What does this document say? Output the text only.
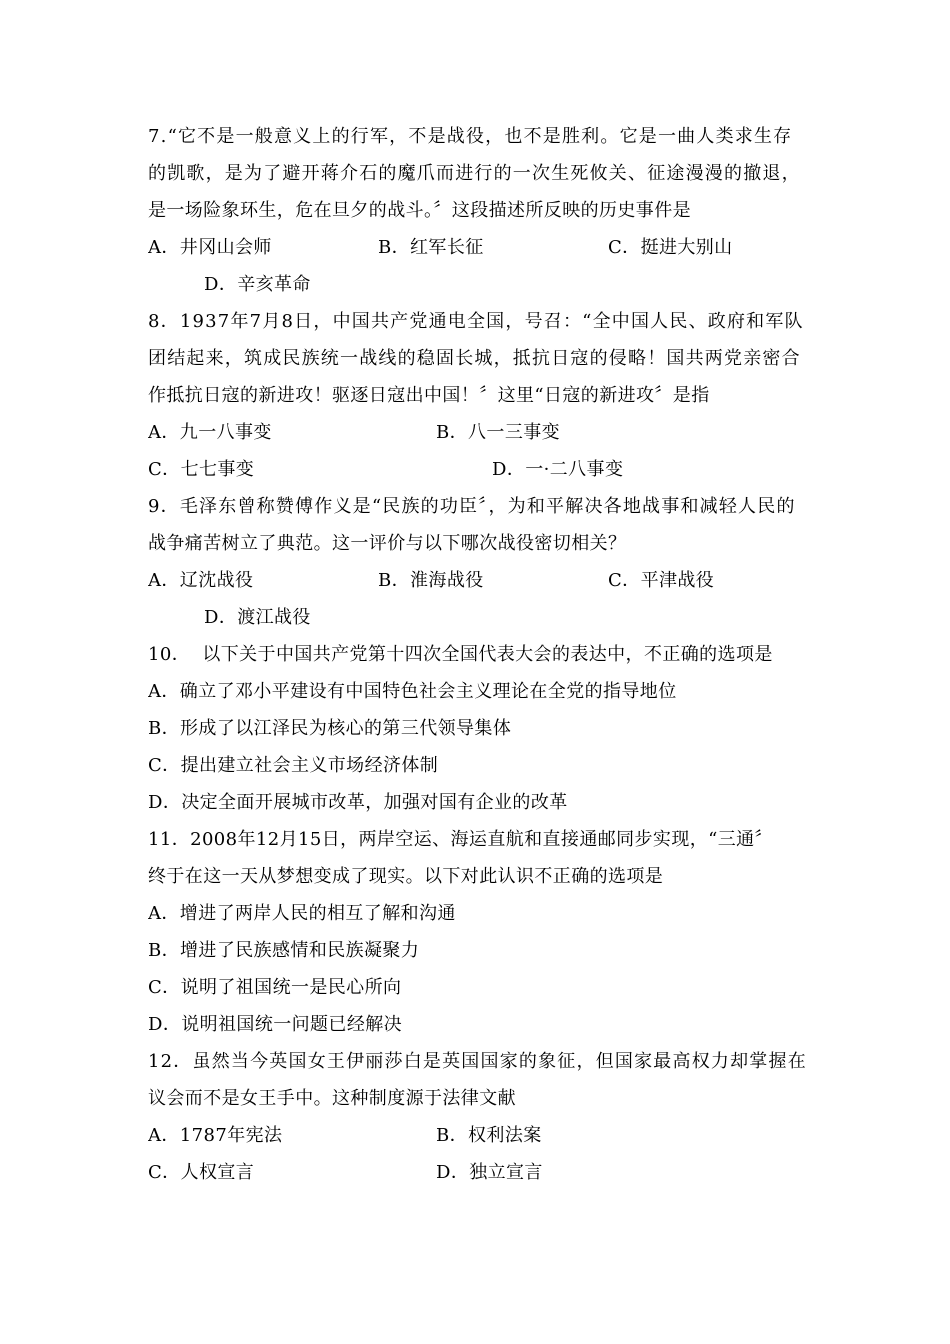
7.“它不是一般意义上的行军，不是战役，也不是胜利。它是一曲人类求生存
的凯歌，是为了避开蒋介石的魔爪而进行的一次生死攸关、征途漫漫的撤退，
是一场险象环生，危在旦夕的战斗。〞这段描述所反映的历史事件是
A．井冈山会师	B．红军长征	C．挺进大别山
D．辛亥革命
8．1937年7月8日，中国共产党通电全国，号召：“全中国人民、政府和军队
团结起来，筑成民族统一战线的稳固长城，抵抗日寇的侵略！国共两党亲密合
作抵抗日寇的新进攻！驱逐日寇出中国！〞这里“日寇的新进攻〞是指
A．九一八事变	B．八一三事变
C．七七事变	D．一·二八事变
9．毛泽东曾称赞傅作义是“民族的功臣〞，为和平解决各地战事和减轻人民的
战争痛苦树立了典范。这一评价与以下哪次战役密切相关？
A．辽沈战役	B．淮海战役	C．平津战役
D．渡江战役
10．  以下关于中国共产党第十四次全国代表大会的表达中，不正确的选项是
A．确立了邓小平建设有中国特色社会主义理论在全党的指导地位
B．形成了以江泽民为核心的第三代领导集体
C．提出建立社会主义市场经济体制
D．决定全面开展城市改革，加强对国有企业的改革
11．2008年12月15日，两岸空运、海运直航和直接通邮同步实现，“三通〞
终于在这一天从梦想变成了现实。以下对此认识不正确的选项是
A．增进了两岸人民的相互了解和沟通
B．增进了民族感情和民族凝聚力
C．说明了祖国统一是民心所向
D．说明祖国统一问题已经解决
12．虽然当今英国女王伊丽莎白是英国国家的象征，但国家最高权力却掌握在
议会而不是女王手中。这种制度源于法律文献
A．1787年宪法	B．权利法案
C．人权宣言	D．独立宣言
